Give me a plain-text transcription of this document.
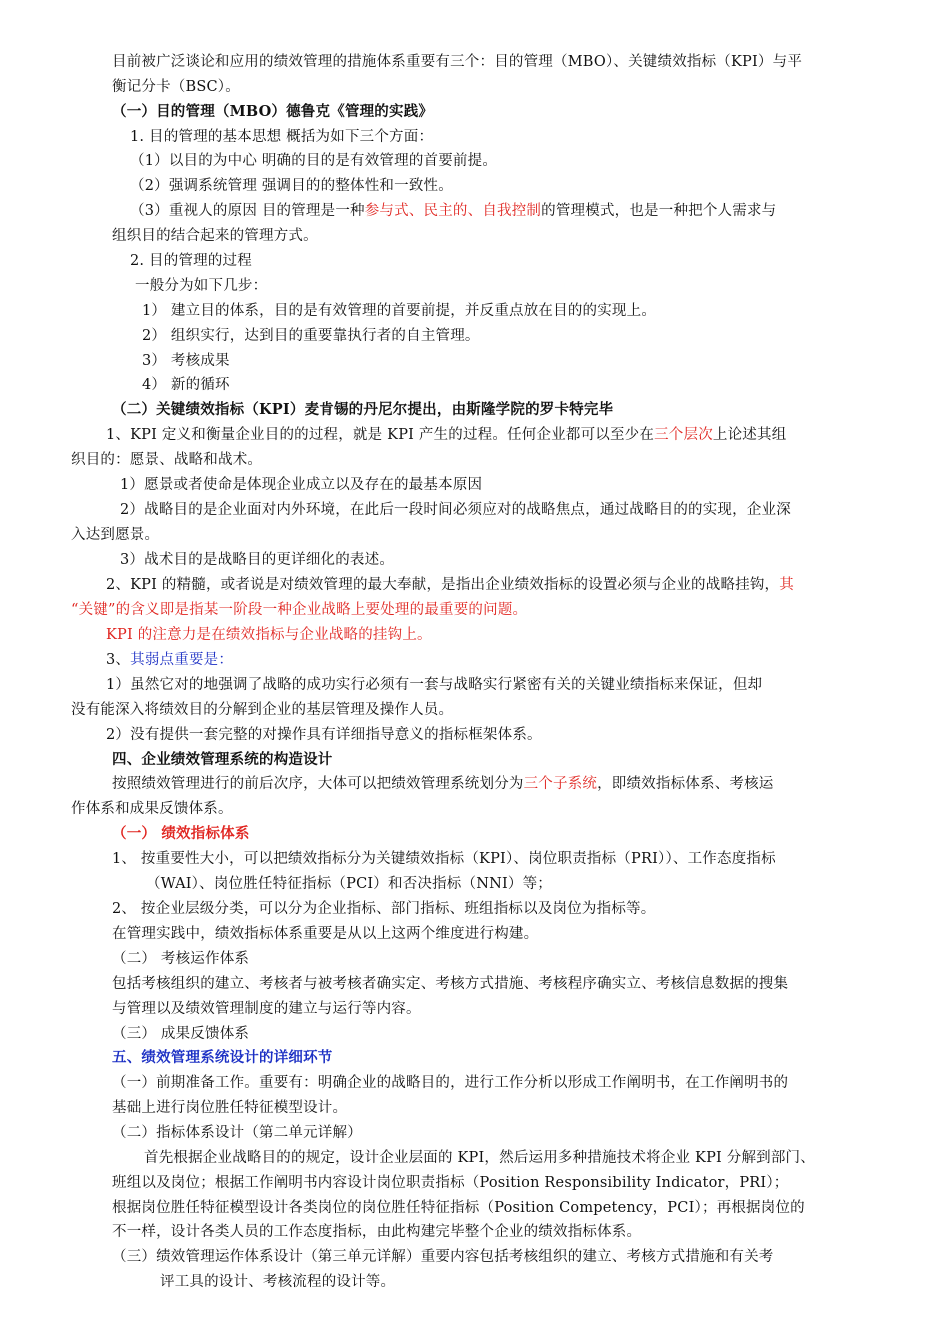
目前被广泛谈论和应用的绩效管理的措施体系重要有三个：目的管理（MBO）、关键绩效指标（KPI）与平
衡记分卡（BSC）。
（一）目的管理（MBO）德鲁克《管理的实践》
1. 目的管理的基本思想 概括为如下三个方面：
（1）以目的为中心 明确的目的是有效管理的首要前提。
（2）强调系统管理 强调目的的整体性和一致性。
（3）重视人的原因 目的管理是一种参与式、民主的、自我控制的管理模式，也是一种把个人需求与
组织目的结合起来的管理方式。
2. 目的管理的过程
一般分为如下几步：
1） 建立目的体系，目的是有效管理的首要前提，并反重点放在目的的实现上。
2） 组织实行，达到目的重要靠执行者的自主管理。
3） 考核成果
4） 新的循环
（二）关键绩效指标（KPI）麦肯锡的丹尼尔提出，由斯隆学院的罗卡特完毕
1、KPI 定义和衡量企业目的的过程，就是 KPI 产生的过程。任何企业都可以至少在三个层次上论述其组
织目的：愿景、战略和战术。
1）愿景或者使命是体现企业成立以及存在的最基本原因
2）战略目的是企业面对内外环境，在此后一段时间必须应对的战略焦点，通过战略目的的实现，企业深
入达到愿景。
3）战术目的是战略目的更详细化的表述。
2、KPI 的精髓，或者说是对绩效管理的最大奉献，是指出企业绩效指标的设置必须与企业的战略挂钩，其
“关键”的含义即是指某一阶段一种企业战略上要处理的最重要的问题。
KPI 的注意力是在绩效指标与企业战略的挂钩上。
3、其弱点重要是：
1）虽然它对的地强调了战略的成功实行必须有一套与战略实行紧密有关的关键业绩指标来保证，但却
没有能深入将绩效目的分解到企业的基层管理及操作人员。
2）没有提供一套完整的对操作具有详细指导意义的指标框架体系。
四、企业绩效管理系统的构造设计
按照绩效管理进行的前后次序，大体可以把绩效管理系统划分为三个子系统，即绩效指标体系、考核运
作体系和成果反馈体系。
（一） 绩效指标体系
1、 按重要性大小，可以把绩效指标分为关键绩效指标（KPI）、岗位职责指标（PRI））、工作态度指标
（WAI）、岗位胜任特征指标（PCI）和否决指标（NNI）等；
2、 按企业层级分类，可以分为企业指标、部门指标、班组指标以及岗位为指标等。
在管理实践中，绩效指标体系重要是从以上这两个维度进行构建。
（二） 考核运作体系
包括考核组织的建立、考核者与被考核者确实定、考核方式措施、考核程序确实立、考核信息数据的搜集
与管理以及绩效管理制度的建立与运行等内容。
（三） 成果反馈体系
五、绩效管理系统设计的详细环节
（一）前期准备工作。重要有：明确企业的战略目的，进行工作分析以形成工作阐明书，在工作阐明书的
基础上进行岗位胜任特征模型设计。
（二）指标体系设计（第二单元详解）
首先根据企业战略目的的规定，设计企业层面的 KPI，然后运用多种措施技术将企业 KPI 分解到部门、
班组以及岗位；根据工作阐明书内容设计岗位职责指标（Position Responsibility Indicator，PRI）；
根据岗位胜任特征模型设计各类岗位的岗位胜任特征指标（Position Competency，PCI）；再根据岗位的
不一样，设计各类人员的工作态度指标，由此构建完毕整个企业的绩效指标体系。
（三）绩效管理运作体系设计（第三单元详解）重要内容包括考核组织的建立、考核方式措施和有关考
评工具的设计、考核流程的设计等。
